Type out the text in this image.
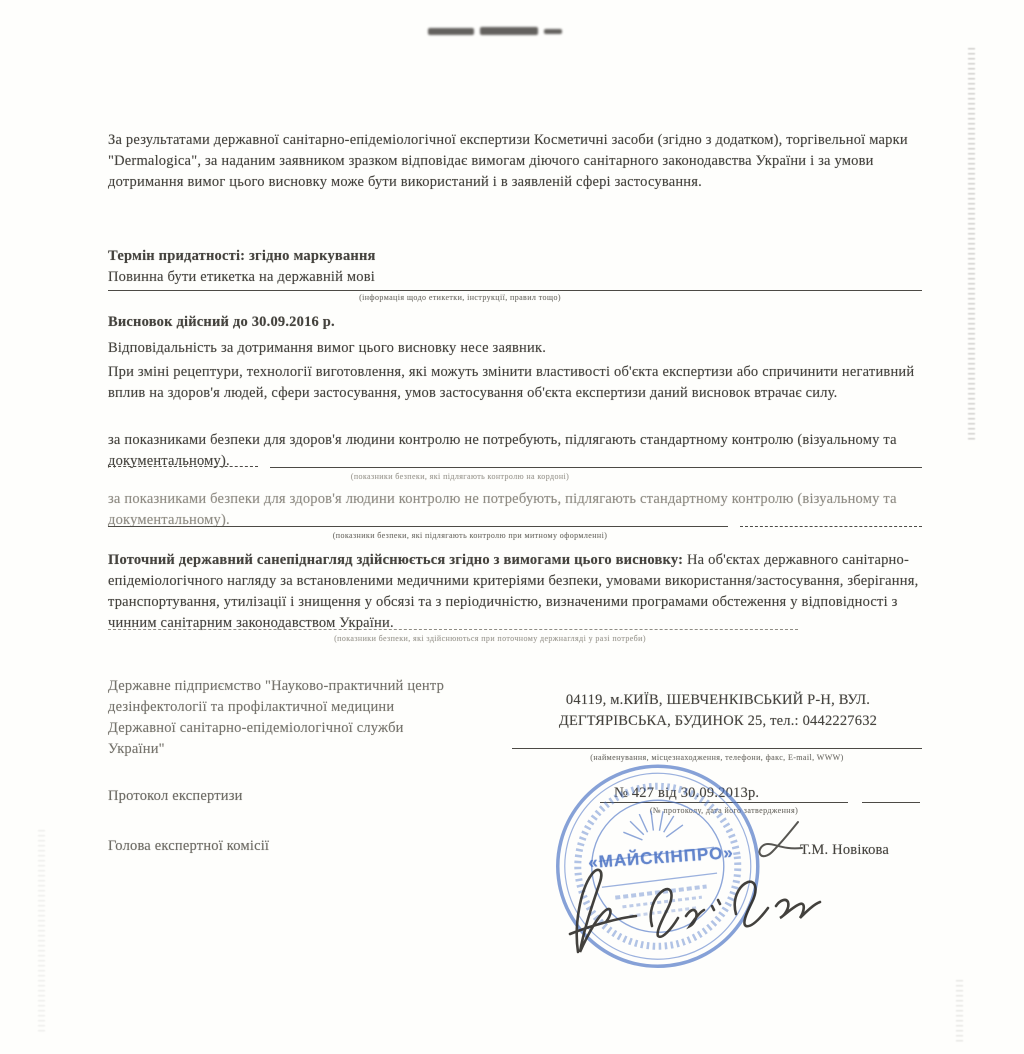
За результатами державної санітарно-епідеміологічної експертизи Косметичні засоби (згідно з додатком), торгівельної марки "Dermalogica", за наданим заявником зразком відповідає вимогам діючого санітарного законодавства України і за умови дотримання вимог цього висновку може бути використаний і в заявленій сфері застосування.

Термін придатності: згідно маркування
Повинна бути етикетка на державній мові
(інформація щодо етикетки, інструкції, правил тощо)
Висновок дійсний до 30.09.2016 р.
Відповідальність за дотримання вимог цього висновку несе заявник.

При зміні рецептури, технології виготовлення, які можуть змінити властивості об'єкта експертизи або спричинити негативний вплив на здоров'я людей, сфери застосування, умов застосування об'єкта експертизи даний висновок втрачає силу.

за показниками безпеки для здоров'я людини контролю не потребують, підлягають стандартному контролю (візуальному та документальному).

(показники безпеки, які підлягають контролю на кордоні)

за показниками безпеки для здоров'я людини контролю не потребують, підлягають стандартному контролю (візуальному та документальному).

(показники безпеки, які підлягають контролю при митному оформленні)

Поточний державний санепіднагляд здійснюється згідно з вимогами цього висновку: На об'єктах державного санітарно-епідеміологічного нагляду за встановленими медичними критеріями безпеки, умовами використання/застосування, зберігання, транспортування, утилізації і знищення у обсязі та з періодичністю, визначеними програмами обстеження у відповідності з чинним санітарним законодавством України.

(показники безпеки, які здійснюються при поточному держнагляді у разі потреби)

Державне підприємство "Науково-практичний центр дезінфектології та профілактичної медицини Державної санітарно-епідеміологічної служби України"

04119, м.КИЇВ, ШЕВЧЕНКІВСЬКИЙ Р-Н, ВУЛ. ДЕГТЯРІВСЬКА, БУДИНОК 25, тел.: 0442227632

(найменування, місцезнаходження, телефони, факс, E-mail, WWW)
Протокол експертизи	№ 427 від 30.09.2013р.
(№ протоколу, дата його затвердження)
Голова експертної комісії	Т.М. Новікова
«МАЙСКІНПРО»
